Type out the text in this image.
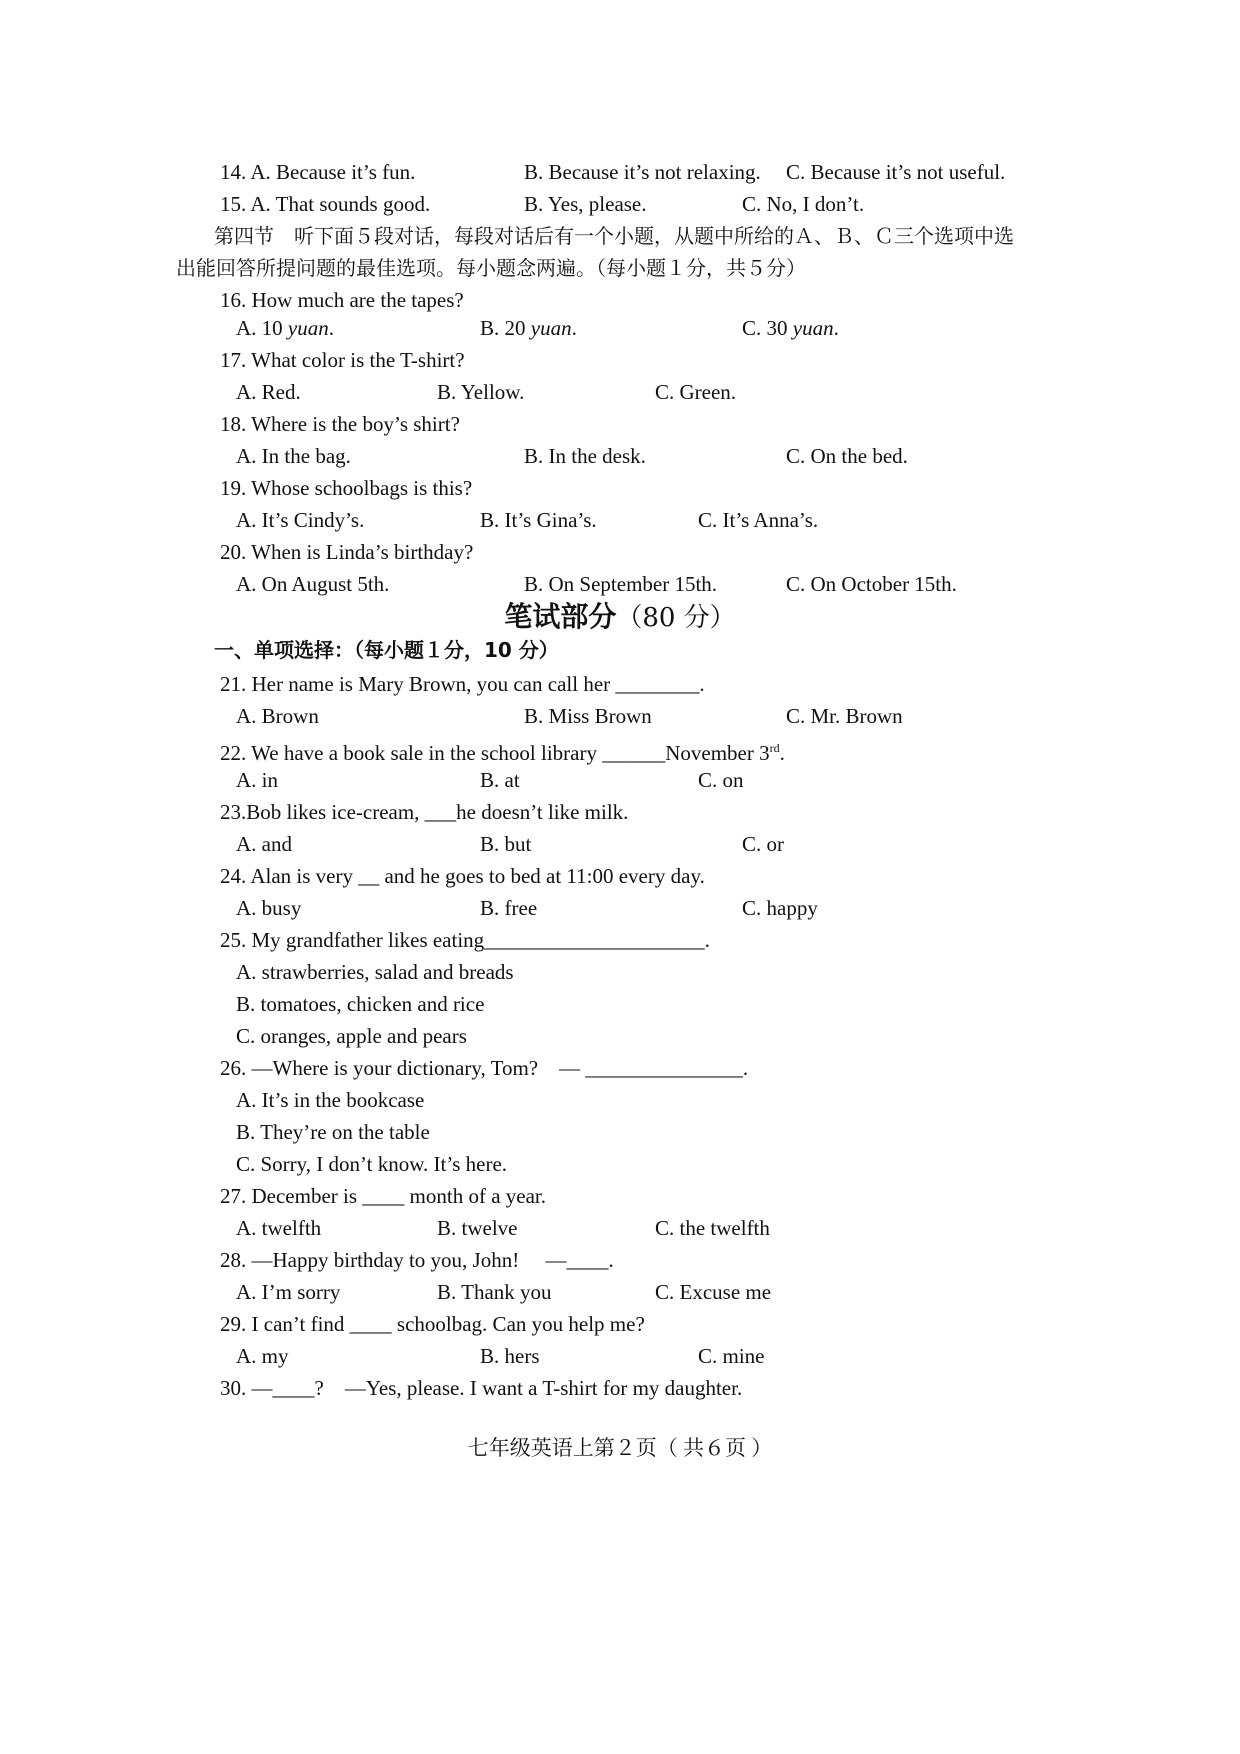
14. A. Because it’s fun.	B. Because it’s not relaxing. C. Because it’s not useful.
15. A. That sounds good.	B. Yes, please.	C. No, I don’t.
第四节　听下面５段对话，每段对话后有一个小题，从题中所给的Ａ、Ｂ、Ｃ三个选项中选
出能回答所提问题的最佳选项。每小题念两遍。（每小题１分，共５分）
16. How much are the tapes?
A. 10 yuan.	B. 20 yuan.	C. 30 yuan.
17. What color is the T-shirt?
A. Red.	B. Yellow.	C. Green.
18. Where is the boy’s shirt?
A. In the bag.	B. In the desk.	C. On the bed.
19. Whose schoolbags is this?
A. It’s Cindy’s.	B. It’s Gina’s.	C. It’s Anna’s.
20. When is Linda’s birthday?
A. On August 5th.	B. On September 15th.	C. On October 15th.
笔试部分（80 分）
一、单项选择：（每小题１分，10 分）
21. Her name is Mary Brown, you can call her ________.
A. Brown	B. Miss Brown	C. Mr. Brown
22. We have a book sale in the school library ______November 3rd.
A. in	B. at	C. on
23.Bob likes ice-cream, ___he doesn’t like milk.
A. and	B. but	C. or
24. Alan is very __ and he goes to bed at 11:00 every day.
A. busy	B. free	C. happy
25. My grandfather likes eating_____________________.
A. strawberries, salad and breads
B. tomatoes, chicken and rice
C. oranges, apple and pears
26. —Where is your dictionary, Tom?　— _______________.
A. It’s in the bookcase
B. They’re on the table
C. Sorry, I don’t know. It’s here.
27. December is ____ month of a year.
A. twelfth	B. twelve	C. the twelfth
28. —Happy birthday to you, John!　 —____.
A. I’m sorry	B. Thank you	C. Excuse me
29. I can’t find ____ schoolbag. Can you help me?
A. my	B. hers	C. mine
30. —____?　—Yes, please. I want a T-shirt for my daughter.
七年级英语上第２页（ 共６页 ）
